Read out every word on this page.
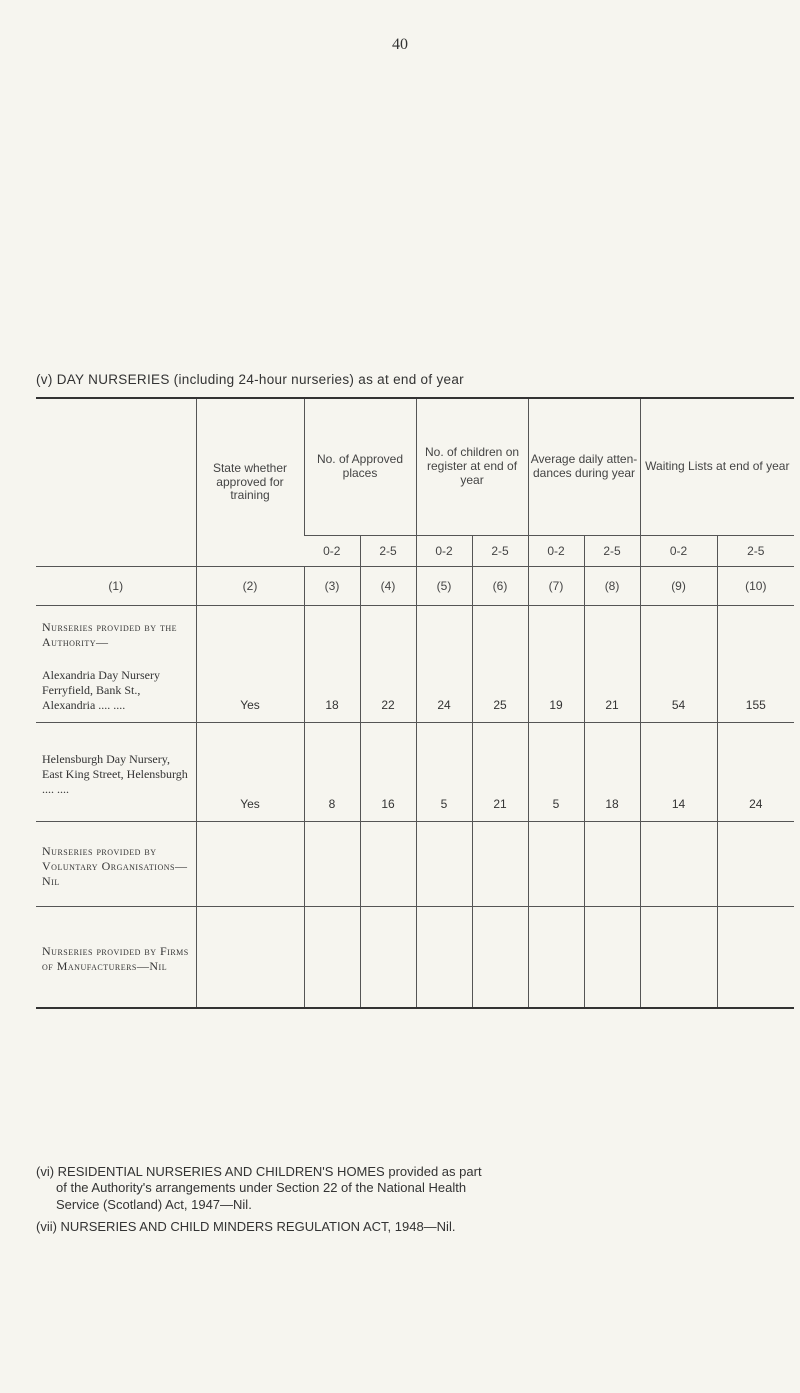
40
(v) DAY NURSERIES (including 24-hour nurseries) as at end of year
	State whether approved for training	No. of Approved places		No. of children on register at end of year		Average daily atten- dances during year		Waiting Lists at end of year	
		0-2	2-5	0-2	2-5	0-2	2-5	0-2	2-5
(1)	(2)	(3)	(4)	(5)	(6)	(7)	(8)	(9)	(10)
Nurseries provided by the Authority—
Alexandria Day Nursery Ferryfield, Bank St., Alexandria .... ....	Yes	18	22	24	25	19	21	54	155
Helensburgh Day Nursery, East King Street, Helensburgh .... ....	Yes	8	16	5	21	5	18	14	24
Nurseries provided by Voluntary Organisations—Nil									
Nurseries provided by Firms of Manufacturers—Nil									
(vi) RESIDENTIAL NURSERIES AND CHILDREN'S HOMES provided as part
of the Authority's arrangements under Section 22 of the National Health
Service (Scotland) Act, 1947—Nil.
(vii) NURSERIES AND CHILD MINDERS REGULATION ACT, 1948—Nil.
